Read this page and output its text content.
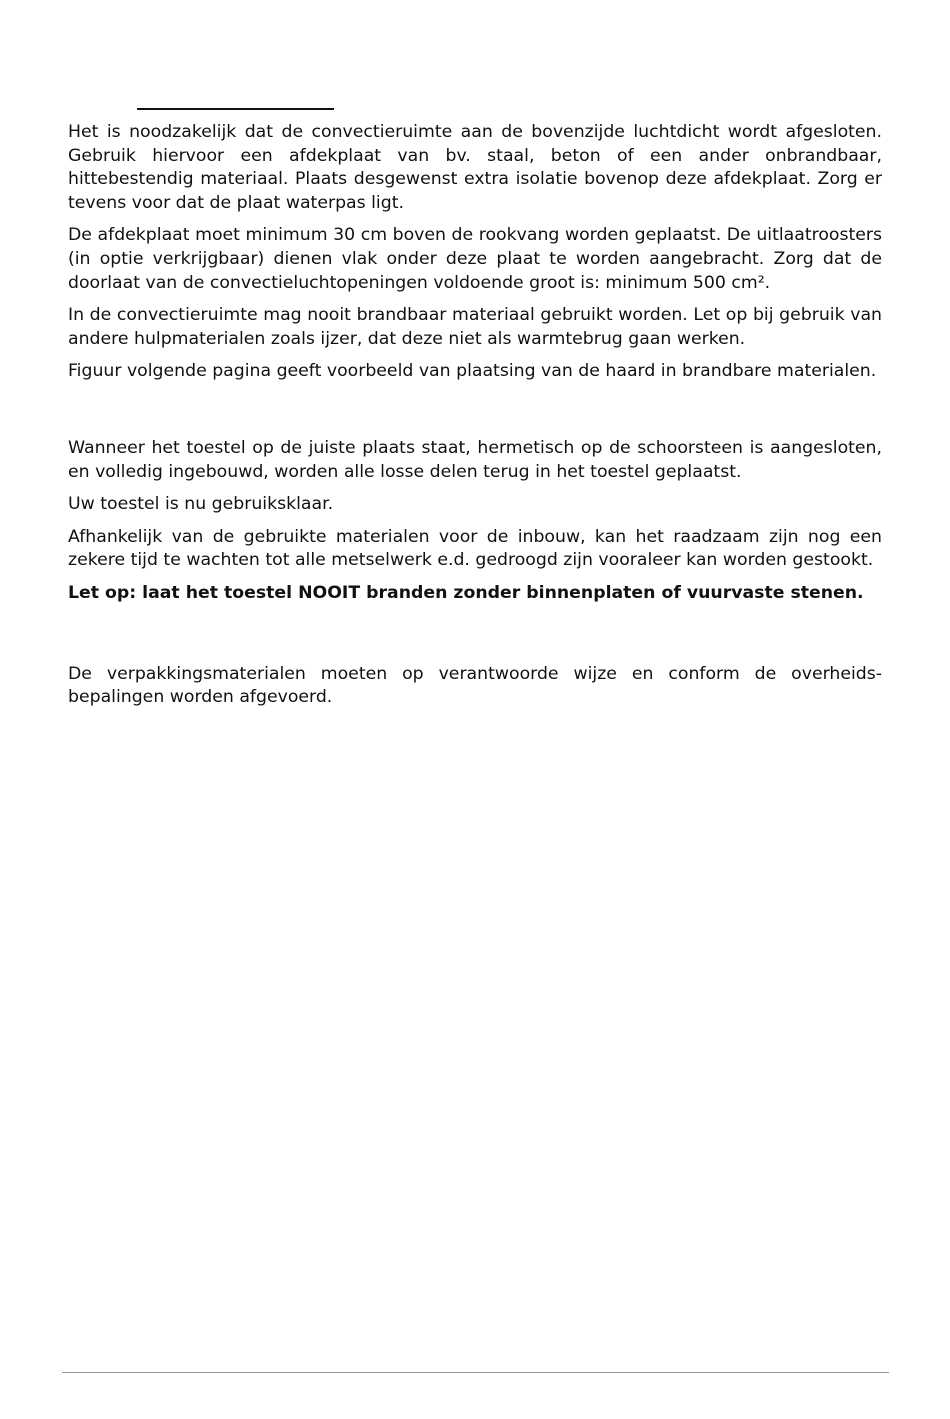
Het is noodzakelijk dat de convectieruimte aan de bovenzijde luchtdicht wordt afgesloten. Gebruik hiervoor een afdekplaat van bv. staal, beton of een ander onbrandbaar, hittebestendig materiaal. Plaats desgewenst extra isolatie bovenop deze afdekplaat. Zorg er tevens voor dat de plaat waterpas ligt.

De afdekplaat moet minimum 30 cm boven de rookvang worden geplaatst. De uitlaatroosters (in optie verkrijgbaar) dienen vlak onder deze plaat te worden aangebracht. Zorg dat de doorlaat van de convectieluchtopeningen voldoende groot is: minimum 500 cm².

In de convectieruimte mag nooit brandbaar materiaal gebruikt worden. Let op bij gebruik van andere hulpmaterialen zoals ijzer, dat deze niet als warmtebrug gaan werken.

Figuur volgende pagina geeft voorbeeld van plaatsing van de haard in brandbare materialen.

Wanneer het toestel op de juiste plaats staat, hermetisch op de schoorsteen is aangesloten, en volledig ingebouwd, worden alle losse delen terug in het toestel geplaatst.

Uw toestel is nu gebruiksklaar.

Afhankelijk van de gebruikte materialen voor de inbouw, kan het raadzaam zijn nog een zekere tijd te wachten tot alle metselwerk e.d. gedroogd zijn vooraleer kan worden gestookt.

Let op: laat het toestel NOOIT branden zonder binnenplaten of vuurvaste stenen.

De verpakkingsmaterialen moeten op verantwoorde wijze en conform de overheidsbepalingen worden afgevoerd.
